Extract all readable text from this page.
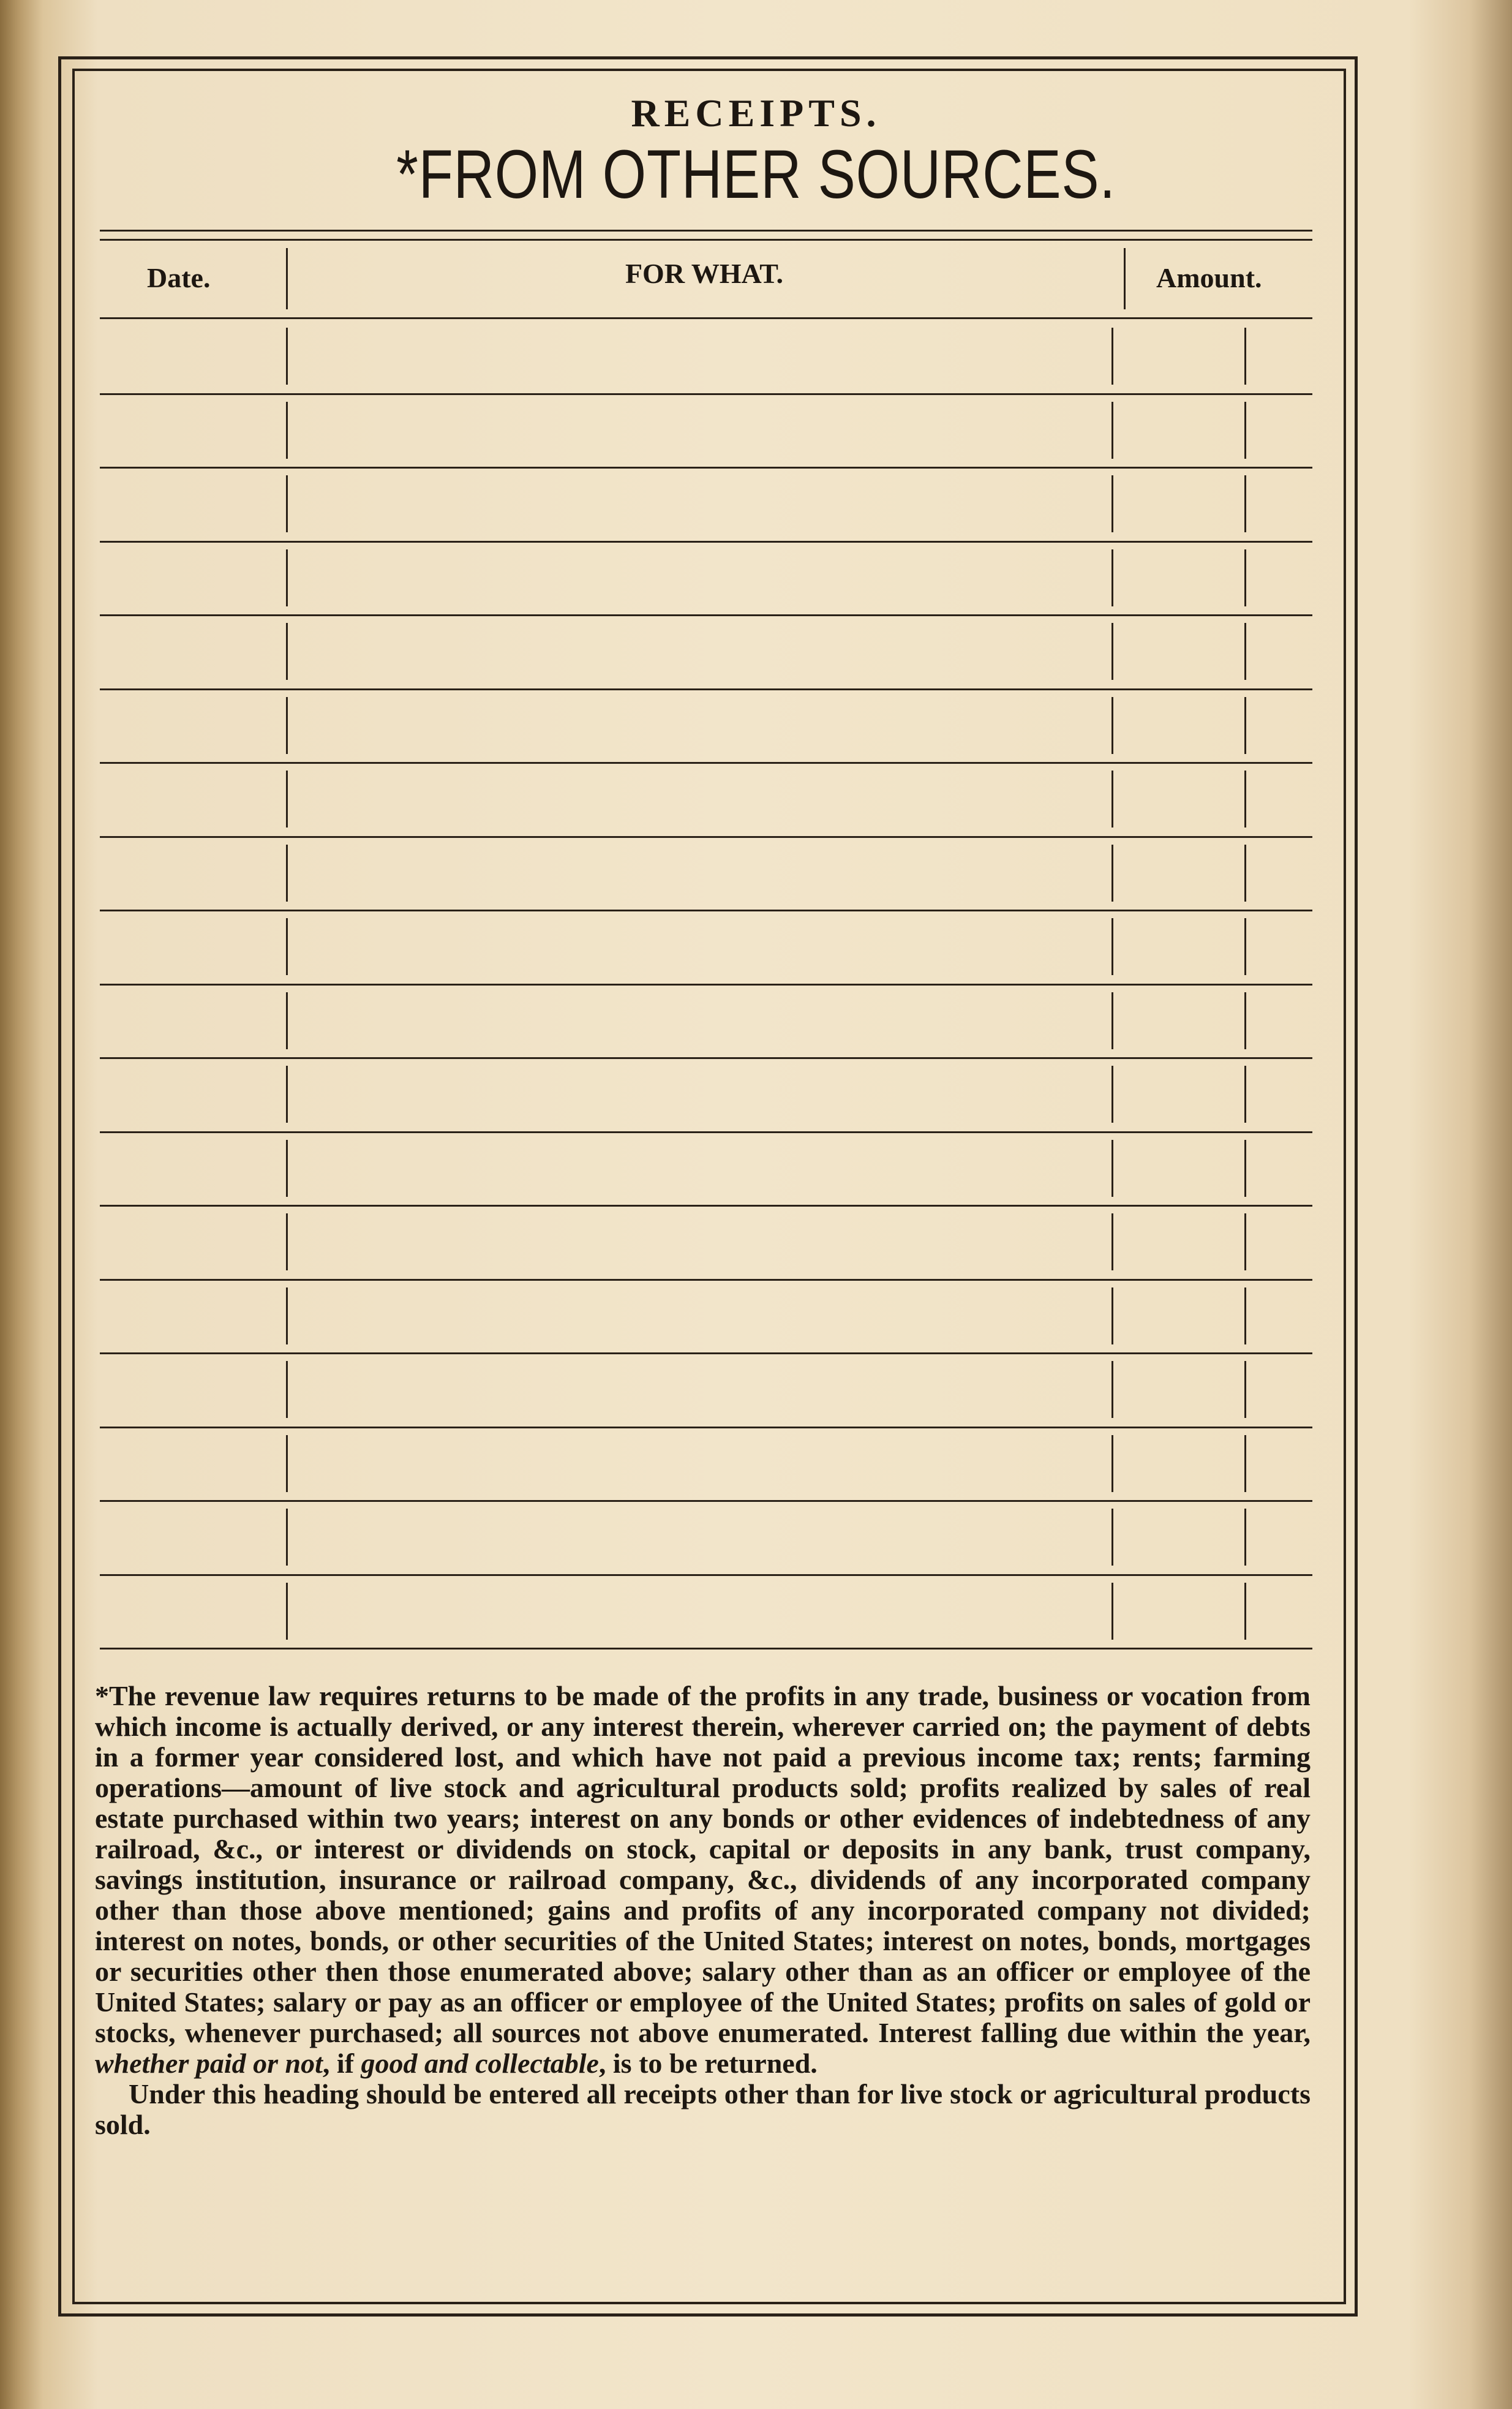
RECEIPTS.
*FROM OTHER SOURCES.
Date.	FOR WHAT.	Amount.

*The revenue law requires returns to be made of the profits in any trade, business or vocation from which income is actually derived, or any interest therein, wherever carried on; the payment of debts in a former year considered lost, and which have not paid a previous income tax; rents; farming operations—amount of live stock and agricultural products sold; profits realized by sales of real estate purchased within two years; interest on any bonds or other evidences of indebtedness of any railroad, &c., or interest or dividends on stock, capital or deposits in any bank, trust company, savings institution, insurance or railroad company, &c., dividends of any incorporated company other than those above mentioned; gains and profits of any incorporated company not divided; interest on notes, bonds, or other securities of the United States; interest on notes, bonds, mortgages or securities other then those enumerated above; salary other than as an officer or employee of the United States; salary or pay as an officer or employee of the United States; profits on sales of gold or stocks, whenever purchased; all sources not above enumerated. Interest falling due within the year, whether paid or not, if good and collectable, is to be returned.

Under this heading should be entered all receipts other than for live stock or agricultural products sold.
